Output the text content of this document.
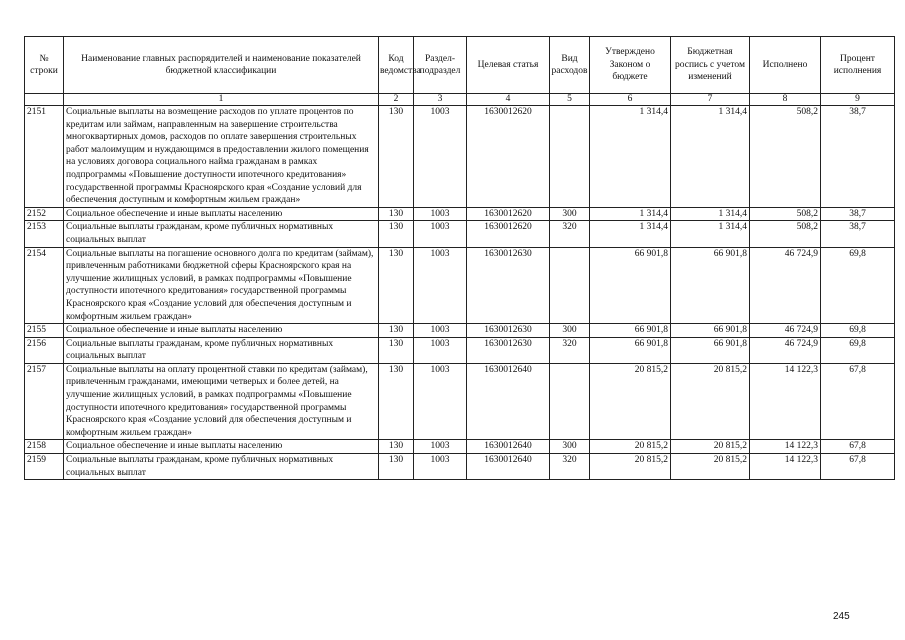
№ строки	Наименование главных распорядителей и наименование показателей бюджетной классификации	Код ведомства	Раздел-подраздел	Целевая статья	Вид расходов	Утверждено Законом о бюджете	Бюджетная роспись с учетом изменений	Исполнено	Процент исполнения
	1	2	3	4	5	6	7	8	9
2151	Социальные выплаты на возмещение расходов по уплате процентов по кредитам или займам, направленным на завершение строительства многоквартирных домов, расходов по оплате завершения строительных работ малоимущим и нуждающимся в предоставлении жилого помещения на условиях договора социального найма гражданам в рамках подпрограммы «Повышение доступности ипотечного кредитования» государственной программы Красноярского края «Создание условий для обеспечения доступным и комфортным жильем граждан»	130	1003	1630012620		1 314,4	1 314,4	508,2	38,7
2152	Социальное обеспечение и иные выплаты населению	130	1003	1630012620	300	1 314,4	1 314,4	508,2	38,7
2153	Социальные выплаты гражданам, кроме публичных нормативных социальных выплат	130	1003	1630012620	320	1 314,4	1 314,4	508,2	38,7
2154	Социальные выплаты на погашение основного долга по кредитам (займам), привлеченным работниками бюджетной сферы Красноярского края на улучшение жилищных условий, в рамках подпрограммы «Повышение доступности ипотечного кредитования» государственной программы Красноярского края «Создание условий для обеспечения доступным и комфортным жильем граждан»	130	1003	1630012630		66 901,8	66 901,8	46 724,9	69,8
2155	Социальное обеспечение и иные выплаты населению	130	1003	1630012630	300	66 901,8	66 901,8	46 724,9	69,8
2156	Социальные выплаты гражданам, кроме публичных нормативных социальных выплат	130	1003	1630012630	320	66 901,8	66 901,8	46 724,9	69,8
2157	Социальные выплаты на оплату процентной ставки по кредитам (займам), привлеченным гражданами, имеющими четверых и более детей, на улучшение жилищных условий, в рамках подпрограммы «Повышение доступности ипотечного кредитования» государственной программы Красноярского края «Создание условий для обеспечения доступным и комфортным жильем граждан»	130	1003	1630012640		20 815,2	20 815,2	14 122,3	67,8
2158	Социальное обеспечение и иные выплаты населению	130	1003	1630012640	300	20 815,2	20 815,2	14 122,3	67,8
2159	Социальные выплаты гражданам, кроме публичных нормативных социальных выплат	130	1003	1630012640	320	20 815,2	20 815,2	14 122,3	67,8
245
